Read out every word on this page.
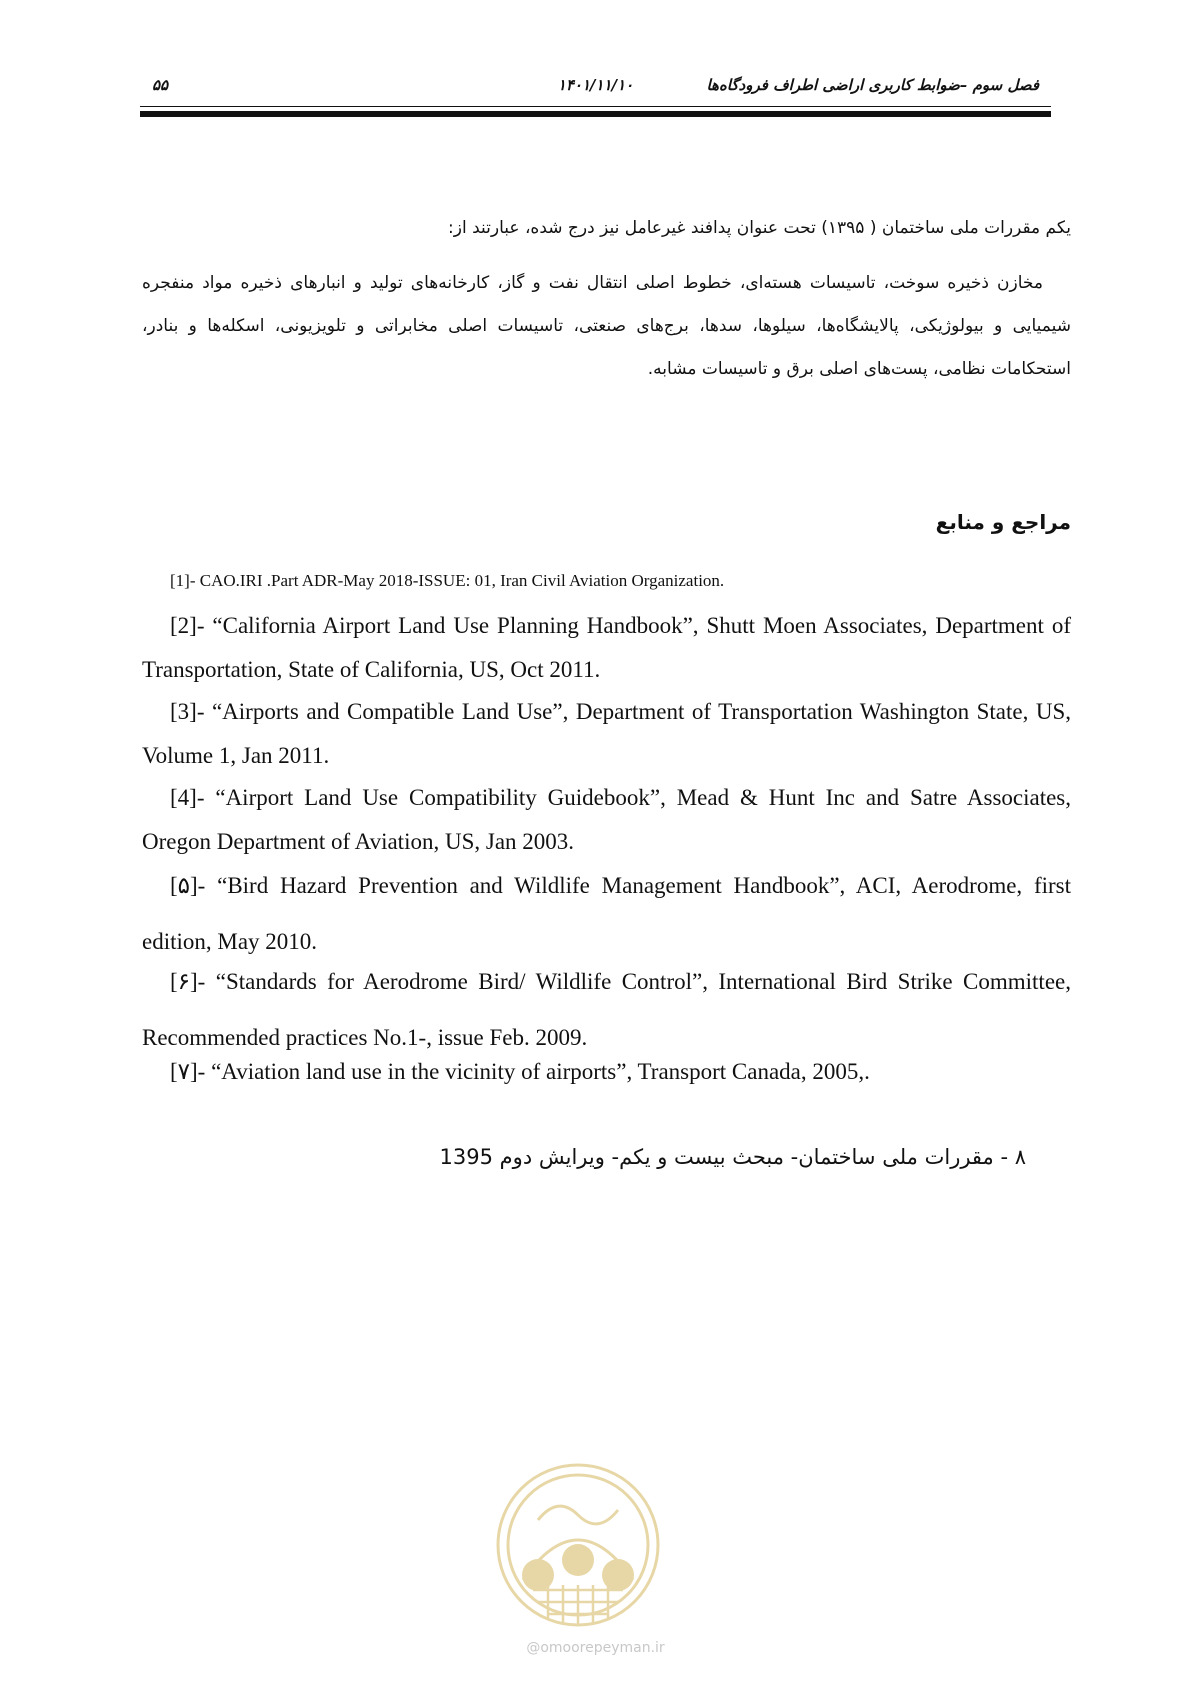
۵۵	۱۴۰۱/۱۱/۱۰	فصل سوم –ضوابط کاربری اراضی اطراف فرودگاه‌ها

یکم مقررات ملی ساختمان ( ۱۳۹۵) تحت عنوان پدافند غیرعامل نیز درج شده، عبارتند از:

مخازن ذخیره سوخت، تاسیسات هسته‌ای، خطوط اصلی انتقال نفت و گاز، کارخانه‌های تولید و انبارهای ذخیره مواد منفجره شیمیایی و بیولوژیکی، پالایشگاه‌ها، سیلوها، سدها، برج‌های صنعتی، تاسیسات اصلی مخابراتی و تلویزیونی، اسکله‌ها و بنادر، استحکامات نظامی، پست‌های اصلی برق و تاسیسات مشابه.

مراجع و منابع

[1]- CAO.IRI .Part ADR-May 2018-ISSUE: 01, Iran Civil Aviation Organization.

[2]- “California Airport Land Use Planning Handbook”, Shutt Moen Associates, Department of Transportation, State of California, US, Oct 2011.

[3]- “Airports and Compatible Land Use”, Department of Transportation Washington State, US, Volume 1, Jan 2011.

[4]- “Airport Land Use Compatibility Guidebook”, Mead & Hunt Inc and Satre Associates, Oregon Department of Aviation, US, Jan 2003.

[۵]- “Bird Hazard Prevention and Wildlife Management Handbook”, ACI, Aerodrome, first edition, May 2010.

[۶]- “Standards for Aerodrome Bird/ Wildlife Control”, International Bird Strike Committee, Recommended practices No.1-, issue Feb. 2009.

[۷]- “Aviation land use in the vicinity of airports”, Transport Canada, 2005,.

۸ - مقررات ملی ساختمان- مبحث بیست و یکم- ویرایش دوم 1395

@omoorepeyman.ir
